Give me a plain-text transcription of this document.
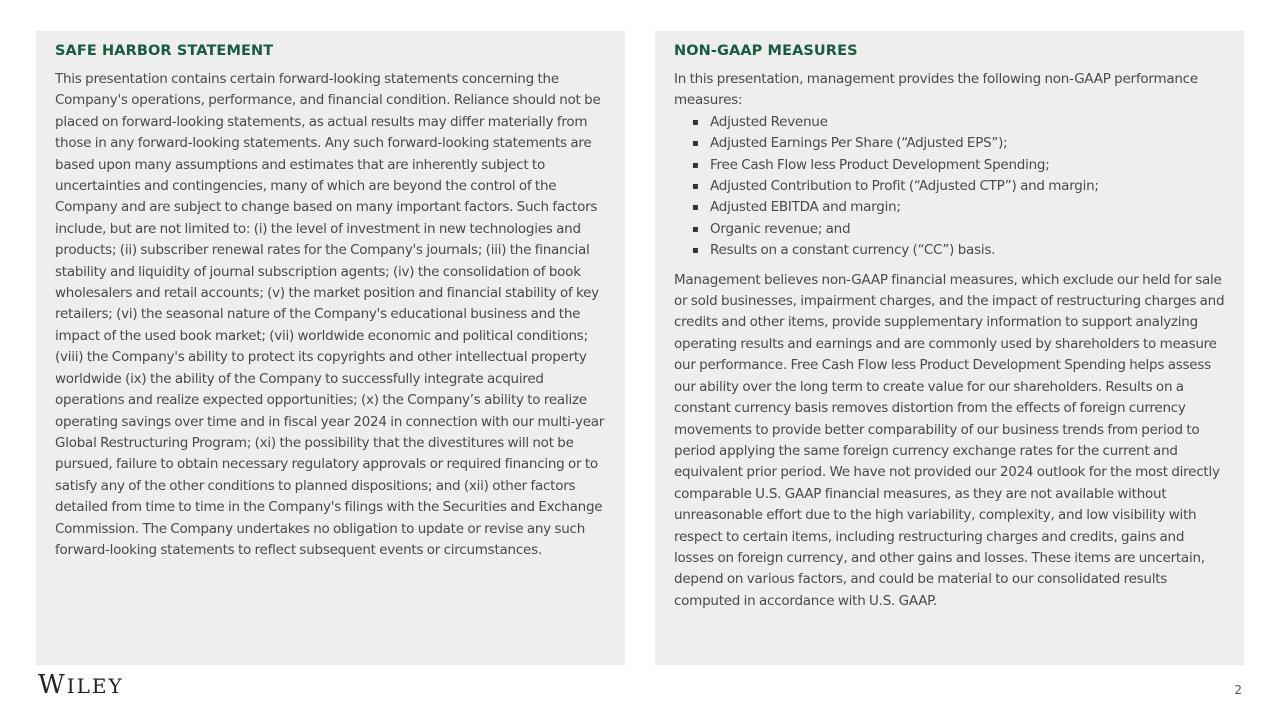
SAFE HARBOR STATEMENT

This presentation contains certain forward-looking statements concerning the Company's operations, performance, and financial condition. Reliance should not be placed on forward-looking statements, as actual results may differ materially from those in any forward-looking statements. Any such forward-looking statements are based upon many assumptions and estimates that are inherently subject to uncertainties and contingencies, many of which are beyond the control of the Company and are subject to change based on many important factors. Such factors include, but are not limited to: (i) the level of investment in new technologies and products; (ii) subscriber renewal rates for the Company's journals; (iii) the financial stability and liquidity of journal subscription agents; (iv) the consolidation of book wholesalers and retail accounts; (v) the market position and financial stability of key retailers; (vi) the seasonal nature of the Company's educational business and the impact of the used book market; (vii) worldwide economic and political conditions; (viii) the Company's ability to protect its copyrights and other intellectual property worldwide (ix) the ability of the Company to successfully integrate acquired operations and realize expected opportunities; (x) the Company’s ability to realize operating savings over time and in fiscal year 2024 in connection with our multi-year Global Restructuring Program; (xi) the possibility that the divestitures will not be pursued, failure to obtain necessary regulatory approvals or required financing or to satisfy any of the other conditions to planned dispositions; and (xii) other factors detailed from time to time in the Company's filings with the Securities and Exchange Commission. The Company undertakes no obligation to update or revise any such forward-looking statements to reflect subsequent events or circumstances.

NON-GAAP MEASURES

In this presentation, management provides the following non-GAAP performance measures:

▪ Adjusted Revenue
▪ Adjusted Earnings Per Share (“Adjusted EPS”);
▪ Free Cash Flow less Product Development Spending;
▪ Adjusted Contribution to Profit (“Adjusted CTP”) and margin;
▪ Adjusted EBITDA and margin;
▪ Organic revenue; and
▪ Results on a constant currency (“CC”) basis.

Management believes non-GAAP financial measures, which exclude our held for sale or sold businesses, impairment charges, and the impact of restructuring charges and credits and other items, provide supplementary information to support analyzing operating results and earnings and are commonly used by shareholders to measure our performance. Free Cash Flow less Product Development Spending helps assess our ability over the long term to create value for our shareholders. Results on a constant currency basis removes distortion from the effects of foreign currency movements to provide better comparability of our business trends from period to period applying the same foreign currency exchange rates for the current and equivalent prior period. We have not provided our 2024 outlook for the most directly comparable U.S. GAAP financial measures, as they are not available without unreasonable effort due to the high variability, complexity, and low visibility with respect to certain items, including restructuring charges and credits, gains and losses on foreign currency, and other gains and losses. These items are uncertain, depend on various factors, and could be material to our consolidated results computed in accordance with U.S. GAAP.

WILEY	2
